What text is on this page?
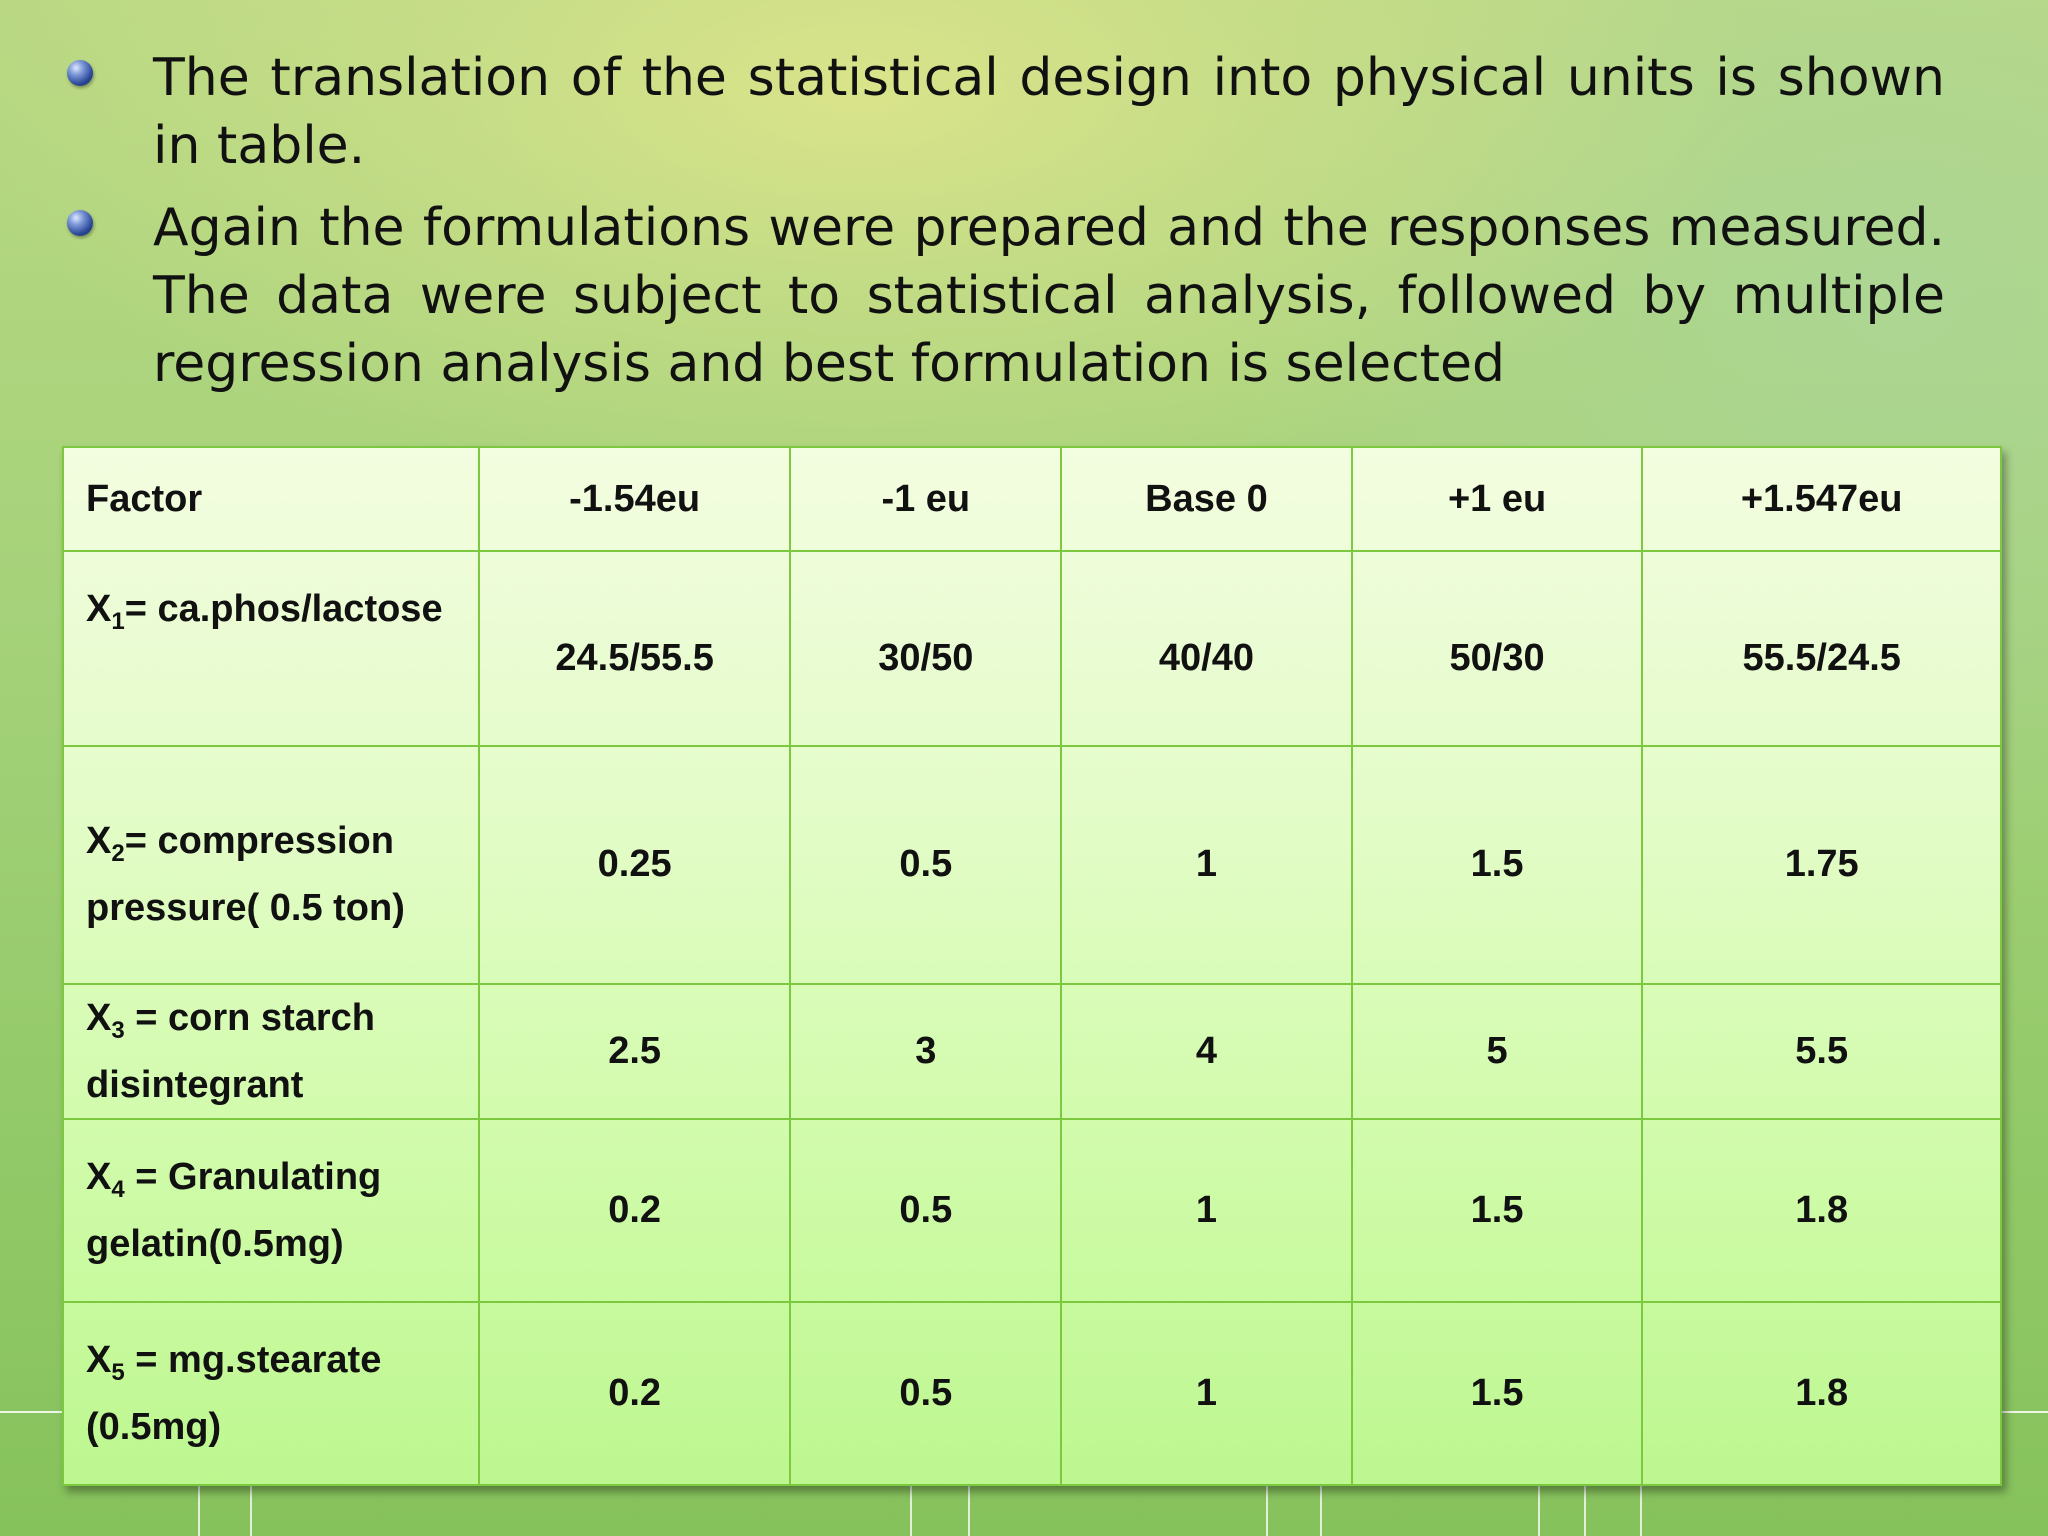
The translation of the statistical design into physical units is shown in table.
Again the formulations were prepared and the responses measured. The data were subject to statistical analysis, followed by multiple regression analysis and best formulation is selected
Factor	-1.54eu	-1 eu	Base 0	+1 eu	+1.547eu
$X_1=$ ca.phos/lactose	24.5/55.5	30/50	40/40	50/30	55.5/24.5
$X_2=$ compression
pressure( 0.5 ton)	0.25	0.5	1	1.5	1.75
$X_3$ = corn starch
disintegrant	2.5	3	4	5	5.5
$X_4$ = Granulating
gelatin(0.5mg)	0.2	0.5	1	1.5	1.8
$X_5$ = mg.stearate
(0.5mg)	0.2	0.5	1	1.5	1.8
